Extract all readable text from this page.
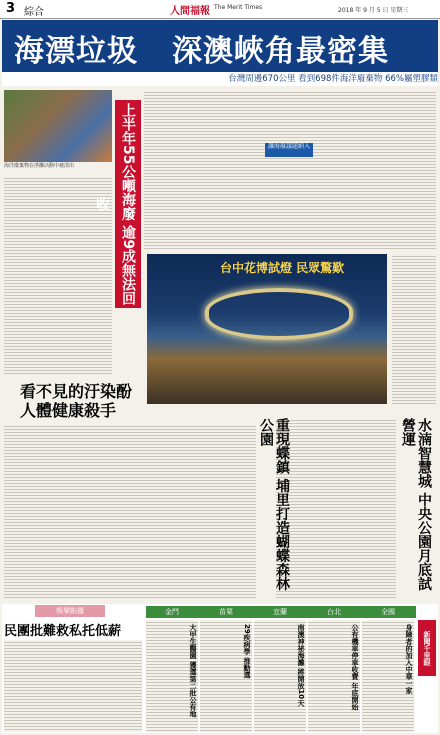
3 綜合	人間福報 The Merit Times	2018 年 9 月 5 日 星期三
海漂垃圾 深澳峽角最密集
台灣周邊670公里 看到698件海洋廢棄物 66%屬塑膠類
海洋廢棄物在淨灘活動中被清出	上半年55公噸海廢 逾9成無法回收
讓海廢議題納入
台中花博試燈 民眾驚歎
看不見的汙染酚
人體健康殺手
重現蝶鎮 埔里打造蝴蝶森林公園	水湳智慧城 中央公園月底試營運
娛樂點播
民團批難救私托低薪
金門	苗栗	宜蘭	台北	全國
大甲生醫園 獲選第二批公有地	29疾病學 推動選	南澳神祕海灘 將開放10天	公有機車停車收費 年底開始	身障者的加入中華一家	新聞千里眼
